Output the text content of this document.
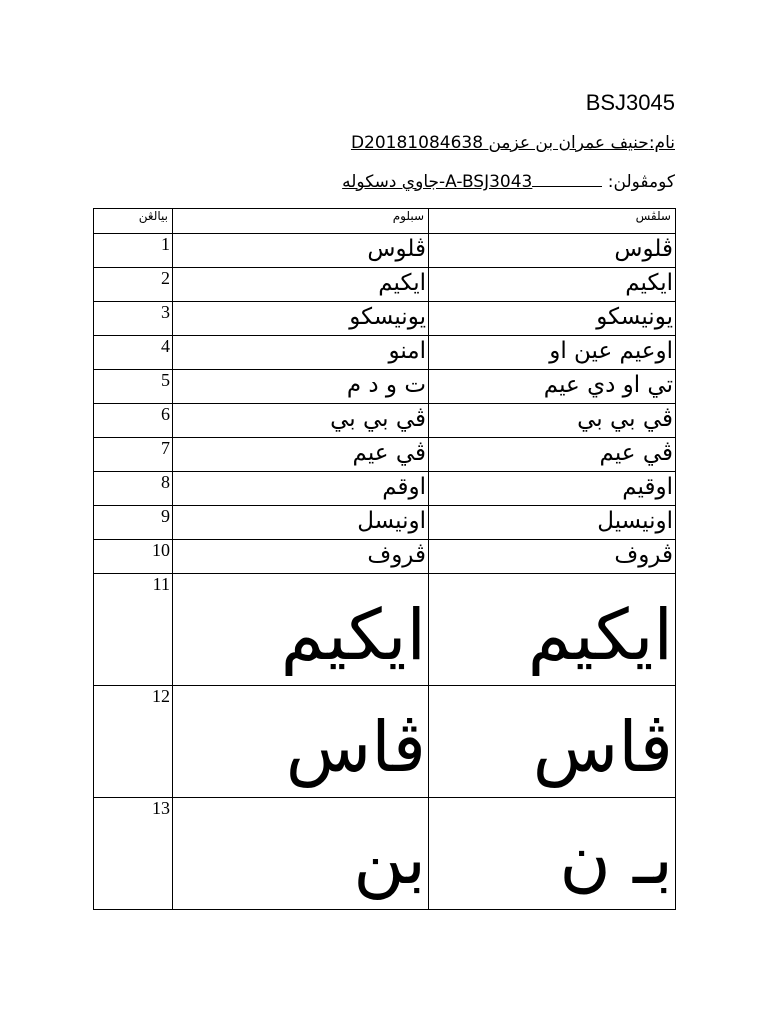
BSJ3045
نام:حنيف عمران بن عزمن D20181084638
كومڤولن: A-BSJ3043-جاوي دسكوله
بيالڠن	سبلوم	سلڤس
1	ڤلوس	ڤلوس
2	ايكيم	ايكيم
3	يونيسكو	يونيسكو
4	امنو	اوعيم عين او
5	ت و د م	تي او دي عيم
6	ڤي بي بي	ڤي بي بي
7	ڤي عيم	ڤي عيم
8	اوقم	اوقيم
9	اونيسل	اونيسيل
10	ڤروف	ڤروف
11	ايكيم	ايكيم
12	ڤاس	ڤاس
13	بن	بـ ن
